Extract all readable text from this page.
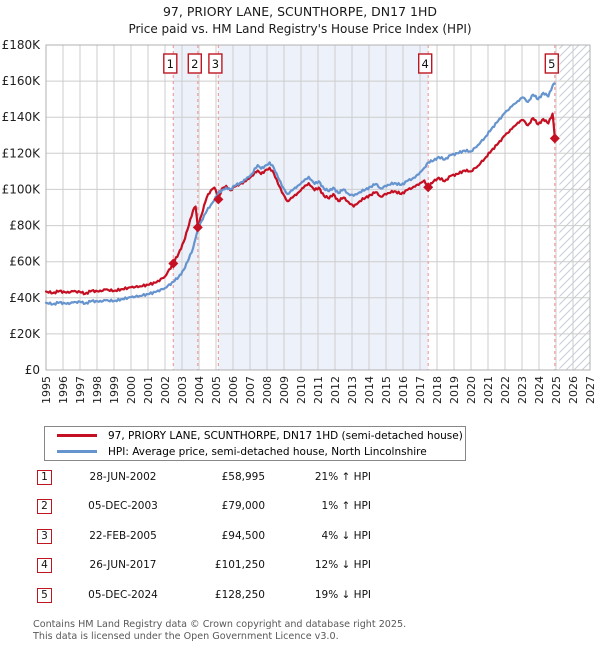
97, PRIORY LANE, SCUNTHORPE, DN17 1HD
Price paid vs. HM Land Registry's House Price Index (HPI)
£0
£20K
£40K
£60K
£80K
£100K
£120K
£140K
£160K
£180K
1995 1996 1997 1998 1999 2000 2001 2002 2003 2004 2005 2006 2007 2008 2009 2010 2011 2012 2013 2014 2015 2016 2017 2018 2019 2020 2021 2022 2023 2024 2025 2026 2027
1 2 3	4	5
97, PRIORY LANE, SCUNTHORPE, DN17 1HD (semi-detached house)
HPI: Average price, semi-detached house, North Lincolnshire
1	28-JUN-2002	£58,995	21% ↑ HPI
2	05-DEC-2003	£79,000	1% ↑ HPI
3	22-FEB-2005	£94,500	4% ↓ HPI
4	26-JUN-2017	£101,250	12% ↓ HPI
5	05-DEC-2024	£128,250	19% ↓ HPI
Contains HM Land Registry data © Crown copyright and database right 2025.
This data is licensed under the Open Government Licence v3.0.
